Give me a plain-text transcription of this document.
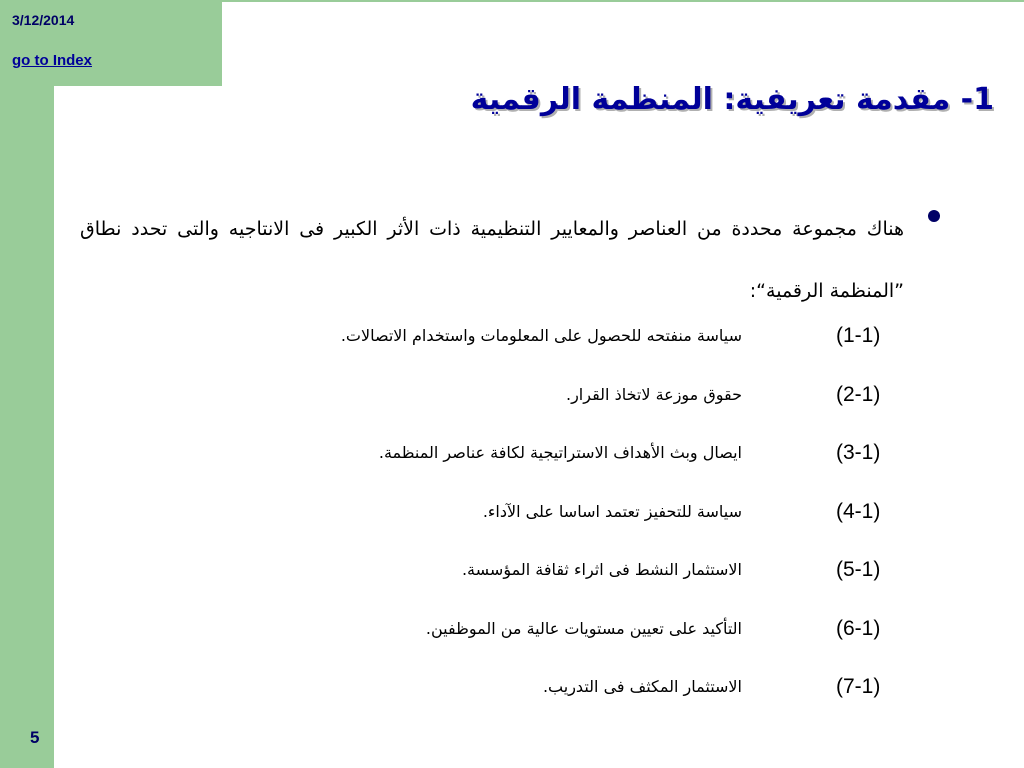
3/12/2014
go to Index
5
1- مقدمة تعريفية: المنظمة الرقمية
هناك مجموعة محددة من العناصر والمعايير التنظيمية ذات الأثر الكبير فى الانتاجيه والتى تحدد نطاق ”المنظمة الرقمية“:
(1-1)
سياسة منفتحه للحصول على المعلومات واستخدام الاتصالات.
(2-1)
حقوق موزعة لاتخاذ القرار.
(3-1)
ايصال وبث الأهداف الاستراتيجية لكافة عناصر المنظمة.
(4-1)
سياسة للتحفيز تعتمد اساسا على الآداء.
(5-1)
الاستثمار النشط فى اثراء ثقافة المؤسسة.
(6-1)
التأكيد على تعيين مستويات عالية من الموظفين.
(7-1)
الاستثمار المكثف فى التدريب.
